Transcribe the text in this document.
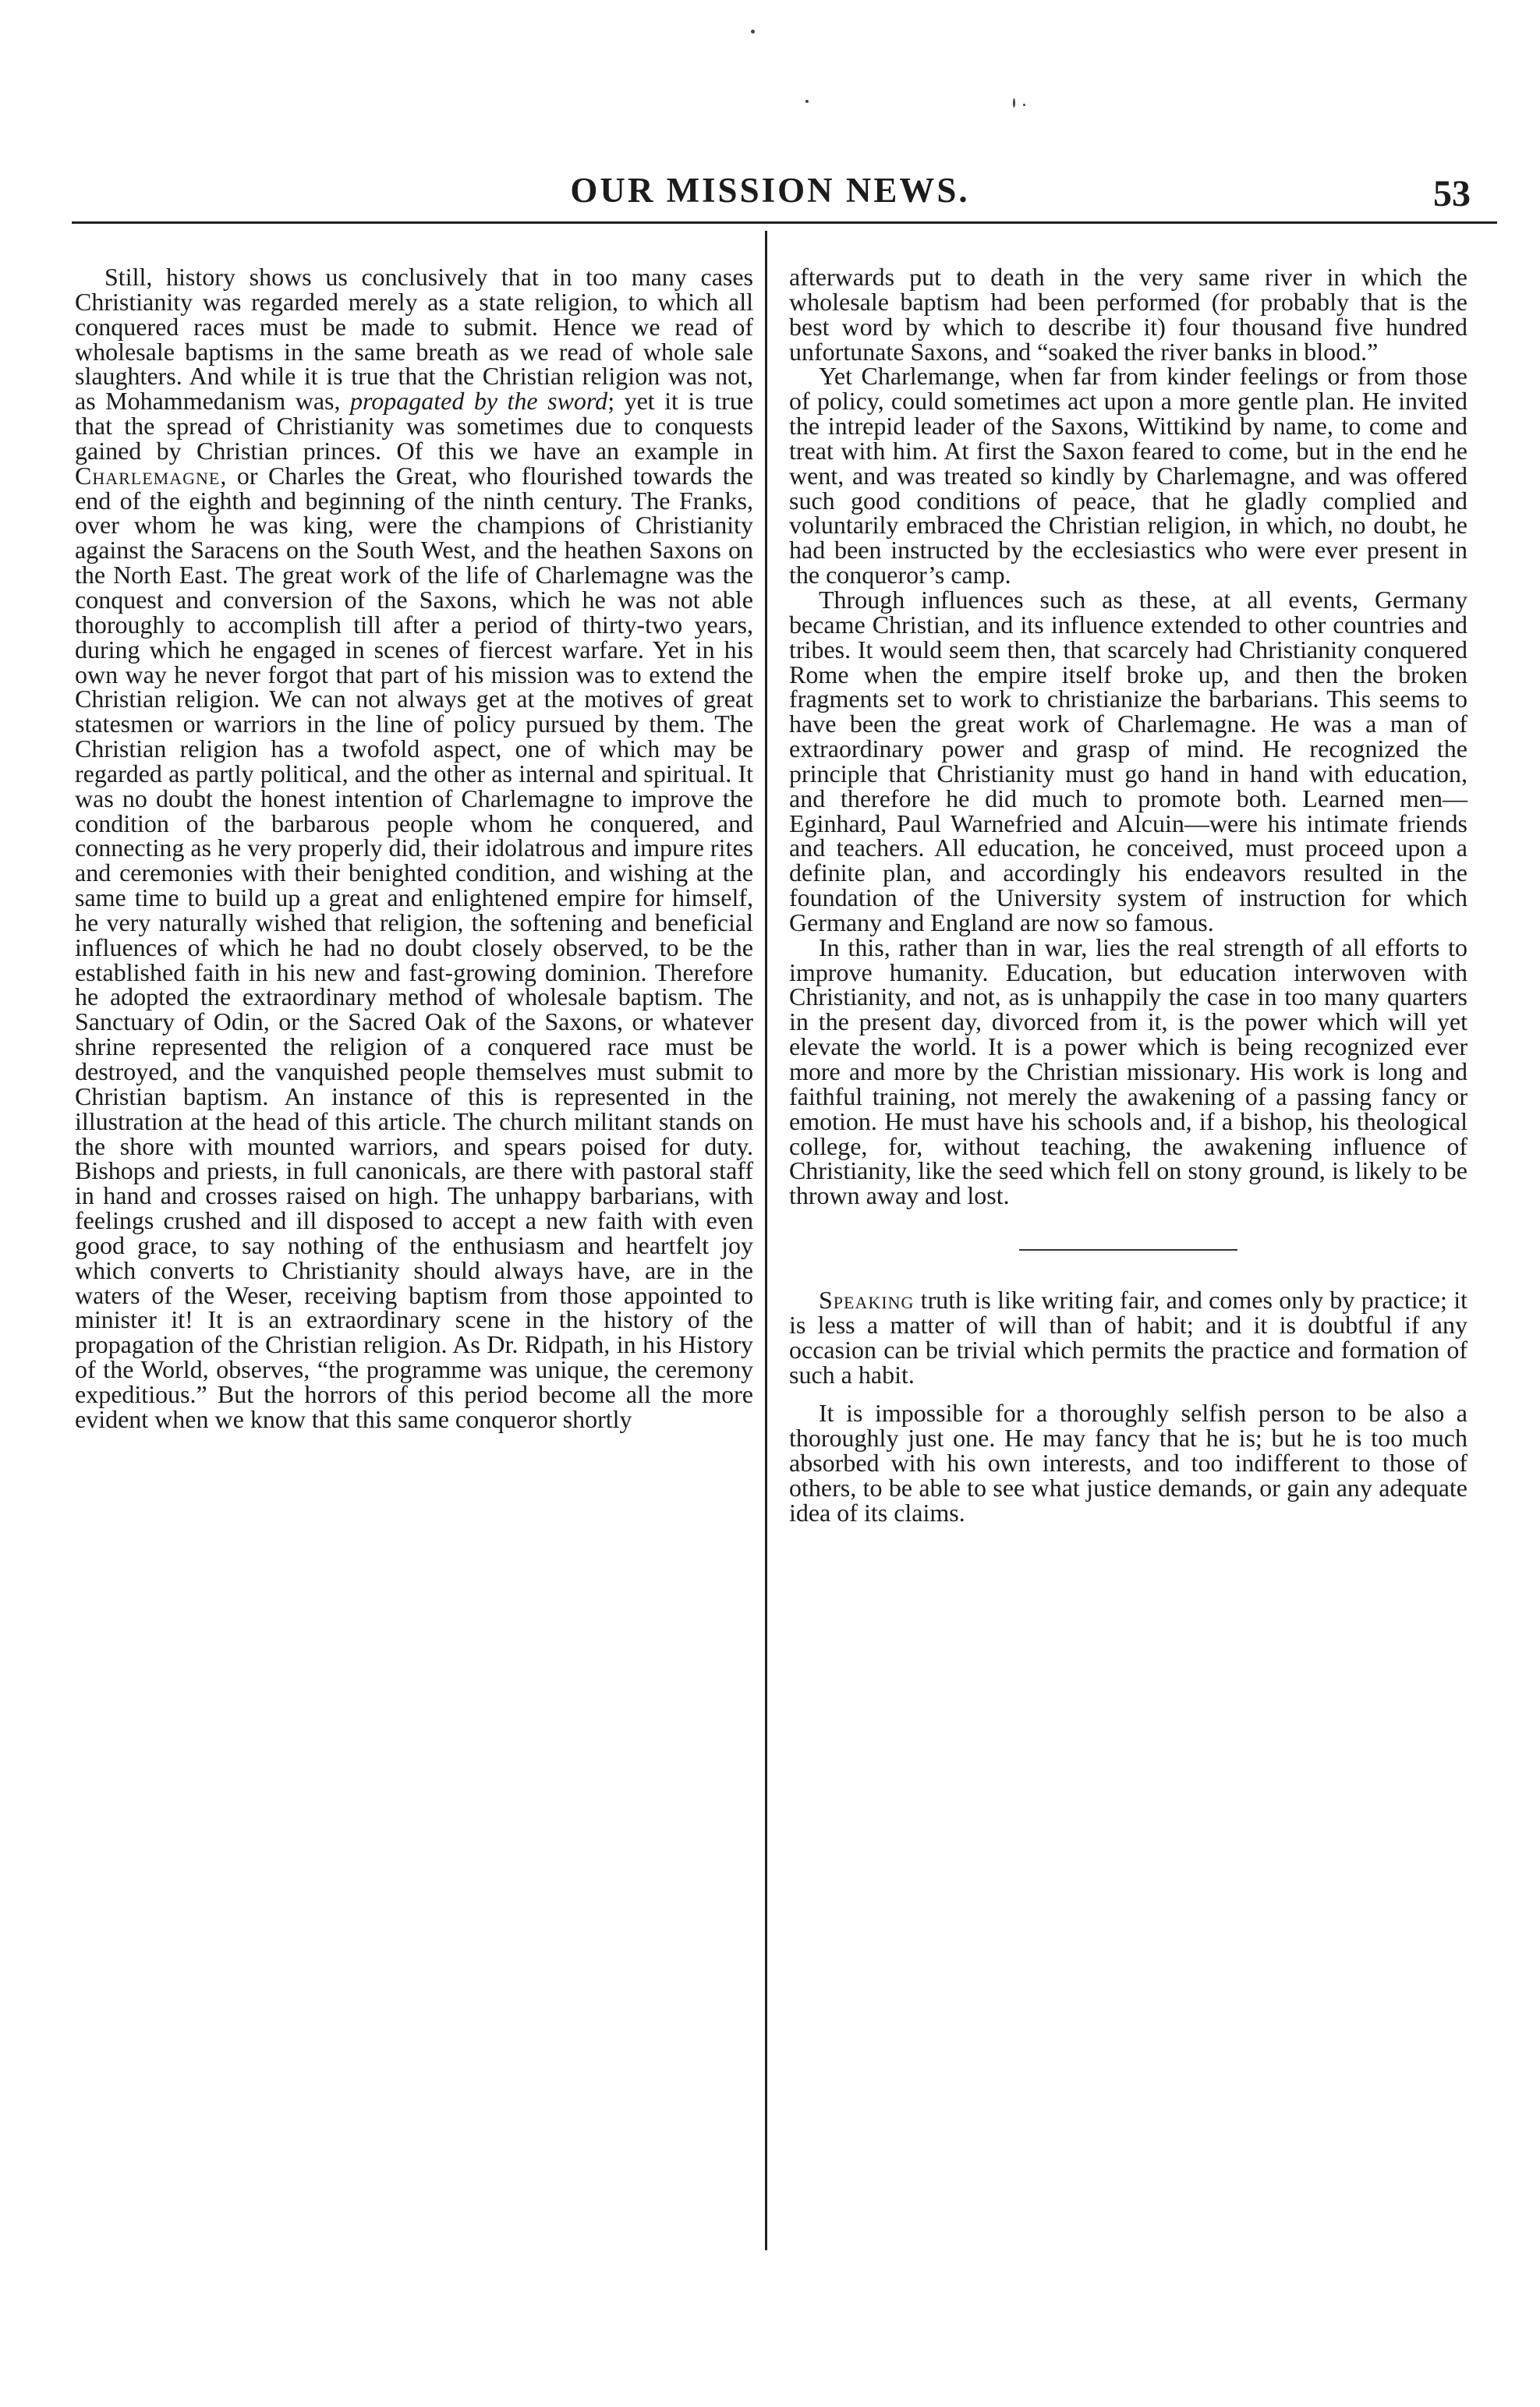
OUR MISSION NEWS.	53

Still, history shows us conclusively that in too many cases Christianity was regarded merely as a state religion, to which all conquered races must be made to submit. Hence we read of wholesale baptisms in the same breath as we read of whole sale slaughters. And while it is true that the Christian religion was not, as Mohammedanism was, propagated by the sword; yet it is true that the spread of Christianity was sometimes due to conquests gained by Christian princes. Of this we have an example in Charlemagne, or Charles the Great, who flourished towards the end of the eighth and beginning of the ninth century. The Franks, over whom he was king, were the champions of Christianity against the Saracens on the South West, and the heathen Saxons on the North East. The great work of the life of Charlemagne was the conquest and conversion of the Saxons, which he was not able thoroughly to accomplish till after a period of thirty-two years, during which he engaged in scenes of fiercest warfare. Yet in his own way he never forgot that part of his mission was to extend the Christian religion. We can not always get at the motives of great statesmen or warriors in the line of policy pursued by them. The Christian religion has a twofold aspect, one of which may be regarded as partly political, and the other as internal and spiritual. It was no doubt the honest intention of Charlemagne to improve the condition of the barbarous people whom he conquered, and connecting as he very properly did, their idolatrous and impure rites and ceremonies with their benighted condition, and wishing at the same time to build up a great and enlightened empire for himself, he very naturally wished that religion, the softening and beneficial influences of which he had no doubt closely observed, to be the established faith in his new and fast-growing dominion. Therefore he adopted the extraordinary method of wholesale baptism. The Sanctuary of Odin, or the Sacred Oak of the Saxons, or whatever shrine represented the religion of a conquered race must be destroyed, and the vanquished people themselves must submit to Christian baptism. An instance of this is represented in the illustration at the head of this article. The church militant stands on the shore with mounted warriors, and spears poised for duty. Bishops and priests, in full canonicals, are there with pastoral staff in hand and crosses raised on high. The unhappy barbarians, with feelings crushed and ill disposed to accept a new faith with even good grace, to say nothing of the enthusiasm and heartfelt joy which converts to Christianity should always have, are in the waters of the Weser, receiving baptism from those appointed to minister it! It is an extraordinary scene in the history of the propagation of the Christian religion. As Dr. Ridpath, in his History of the World, observes, “the programme was unique, the ceremony expeditious.” But the horrors of this period become all the more evident when we know that this same conqueror shortly

afterwards put to death in the very same river in which the wholesale baptism had been performed (for probably that is the best word by which to describe it) four thousand five hundred unfortunate Saxons, and “soaked the river banks in blood.”

Yet Charlemange, when far from kinder feelings or from those of policy, could sometimes act upon a more gentle plan. He invited the intrepid leader of the Saxons, Wittikind by name, to come and treat with him. At first the Saxon feared to come, but in the end he went, and was treated so kindly by Charlemagne, and was offered such good conditions of peace, that he gladly complied and voluntarily embraced the Christian religion, in which, no doubt, he had been instructed by the ecclesiastics who were ever present in the conqueror’s camp.

Through influences such as these, at all events, Germany became Christian, and its influence extended to other countries and tribes. It would seem then, that scarcely had Christianity conquered Rome when the empire itself broke up, and then the broken fragments set to work to christianize the barbarians. This seems to have been the great work of Charlemagne. He was a man of extraordinary power and grasp of mind. He recognized the principle that Christianity must go hand in hand with education, and therefore he did much to promote both. Learned men—Eginhard, Paul Warnefried and Alcuin—were his intimate friends and teachers. All education, he conceived, must proceed upon a definite plan, and accordingly his endeavors resulted in the foundation of the University system of instruction for which Germany and England are now so famous.

In this, rather than in war, lies the real strength of all efforts to improve humanity. Education, but education interwoven with Christianity, and not, as is unhappily the case in too many quarters in the present day, divorced from it, is the power which will yet elevate the world. It is a power which is being recognized ever more and more by the Christian missionary. His work is long and faithful training, not merely the awakening of a passing fancy or emotion. He must have his schools and, if a bishop, his theological college, for, without teaching, the awakening influence of Christianity, like the seed which fell on stony ground, is likely to be thrown away and lost.

Speaking truth is like writing fair, and comes only by practice; it is less a matter of will than of habit; and it is doubtful if any occasion can be trivial which permits the practice and formation of such a habit.

It is impossible for a thoroughly selfish person to be also a thoroughly just one. He may fancy that he is; but he is too much absorbed with his own interests, and too indifferent to those of others, to be able to see what justice demands, or gain any adequate idea of its claims.
